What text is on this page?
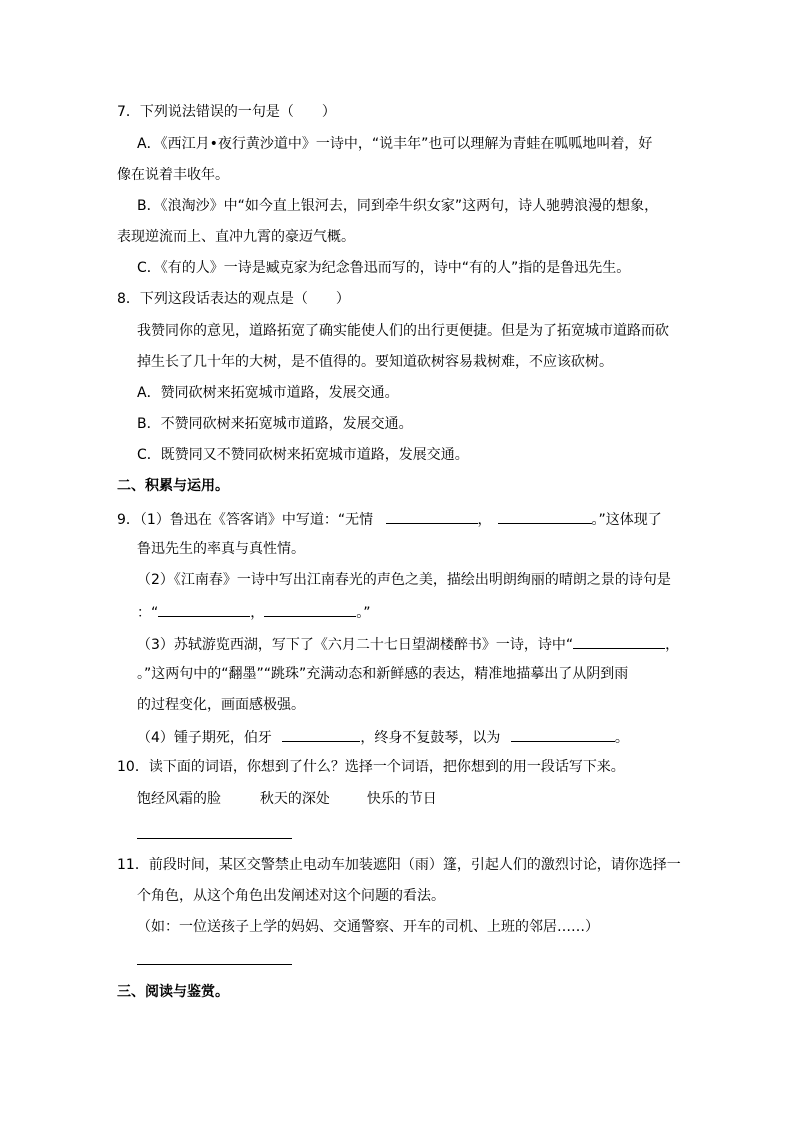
7．下列说法错误的一句是（　　）
A．《西江月•夜行黄沙道中》一诗中，“说丰年”也可以理解为青蛙在呱呱地叫着，好
像在说着丰收年。
B．《浪淘沙》中“如今直上银河去，同到牵牛织女家”这两句，诗人驰骋浪漫的想象，
表现逆流而上、直冲九霄的豪迈气概。
C．《有的人》一诗是臧克家为纪念鲁迅而写的，诗中“有的人”指的是鲁迅先生。
8．下列这段话表达的观点是（　　）
我赞同你的意见，道路拓宽了确实能使人们的出行更便捷。但是为了拓宽城市道路而砍
掉生长了几十年的大树，是不值得的。要知道砍树容易栽树难，不应该砍树。
A．赞同砍树来拓宽城市道路，发展交通。
B．不赞同砍树来拓宽城市道路，发展交通。
C．既赞同又不赞同砍树来拓宽城市道路，发展交通。
二、积累与运用。
9．（1）鲁迅在《答客诮》中写道：“无情	，	。”这体现了
鲁迅先生的率真与真性情。
（2）《江南春》一诗中写出江南春光的声色之美，描绘出明朗绚丽的晴朗之景的诗句是
：“	，	。”
（3）苏轼游览西湖，写下了《六月二十七日望湖楼醉书》一诗，诗中“	，
。”这两句中的“翻墨”“跳珠”充满动态和新鲜感的表达，精准地描摹出了从阴到雨
的过程变化，画面感极强。
（4）锺子期死，伯牙	，终身不复鼓琴，以为	。
10．读下面的词语，你想到了什么？选择一个词语，把你想到的用一段话写下来。
饱经风霜的脸	秋天的深处	快乐的节日
11．前段时间，某区交警禁止电动车加装遮阳（雨）篷，引起人们的激烈讨论，请你选择一
个角色，从这个角色出发阐述对这个问题的看法。
（如：一位送孩子上学的妈妈、交通警察、开车的司机、上班的邻居……）
三、阅读与鉴赏。
